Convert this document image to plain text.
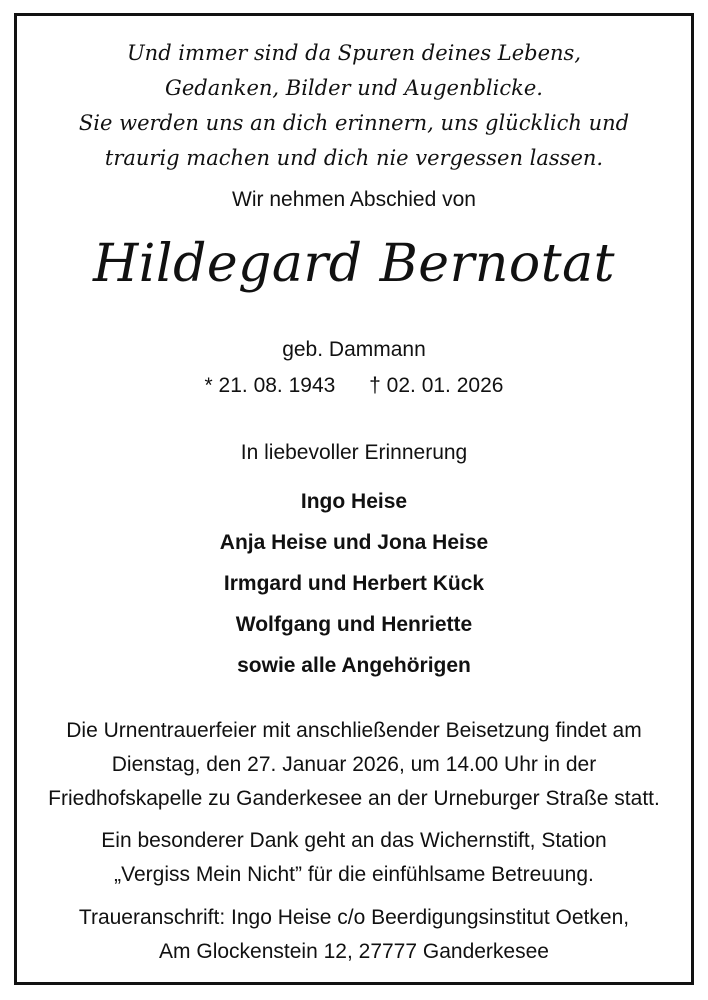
Und immer sind da Spuren deines Lebens,
Gedanken, Bilder und Augenblicke.
Sie werden uns an dich erinnern, uns glücklich und
traurig machen und dich nie vergessen lassen.
Wir nehmen Abschied von
Hildegard Bernotat
geb. Dammann
* 21. 08. 1943 † 02. 01. 2026
In liebevoller Erinnerung
Ingo Heise
Anja Heise und Jona Heise
Irmgard und Herbert Kück
Wolfgang und Henriette
sowie alle Angehörigen
Die Urnentrauerfeier mit anschließender Beisetzung findet am
Dienstag, den 27. Januar 2026, um 14.00 Uhr in der
Friedhofskapelle zu Ganderkesee an der Urneburger Straße statt.
Ein besonderer Dank geht an das Wichernstift, Station
„Vergiss Mein Nicht” für die einfühlsame Betreuung.
Traueranschrift: Ingo Heise c/o Beerdigungsinstitut Oetken,
Am Glockenstein 12, 27777 Ganderkesee
